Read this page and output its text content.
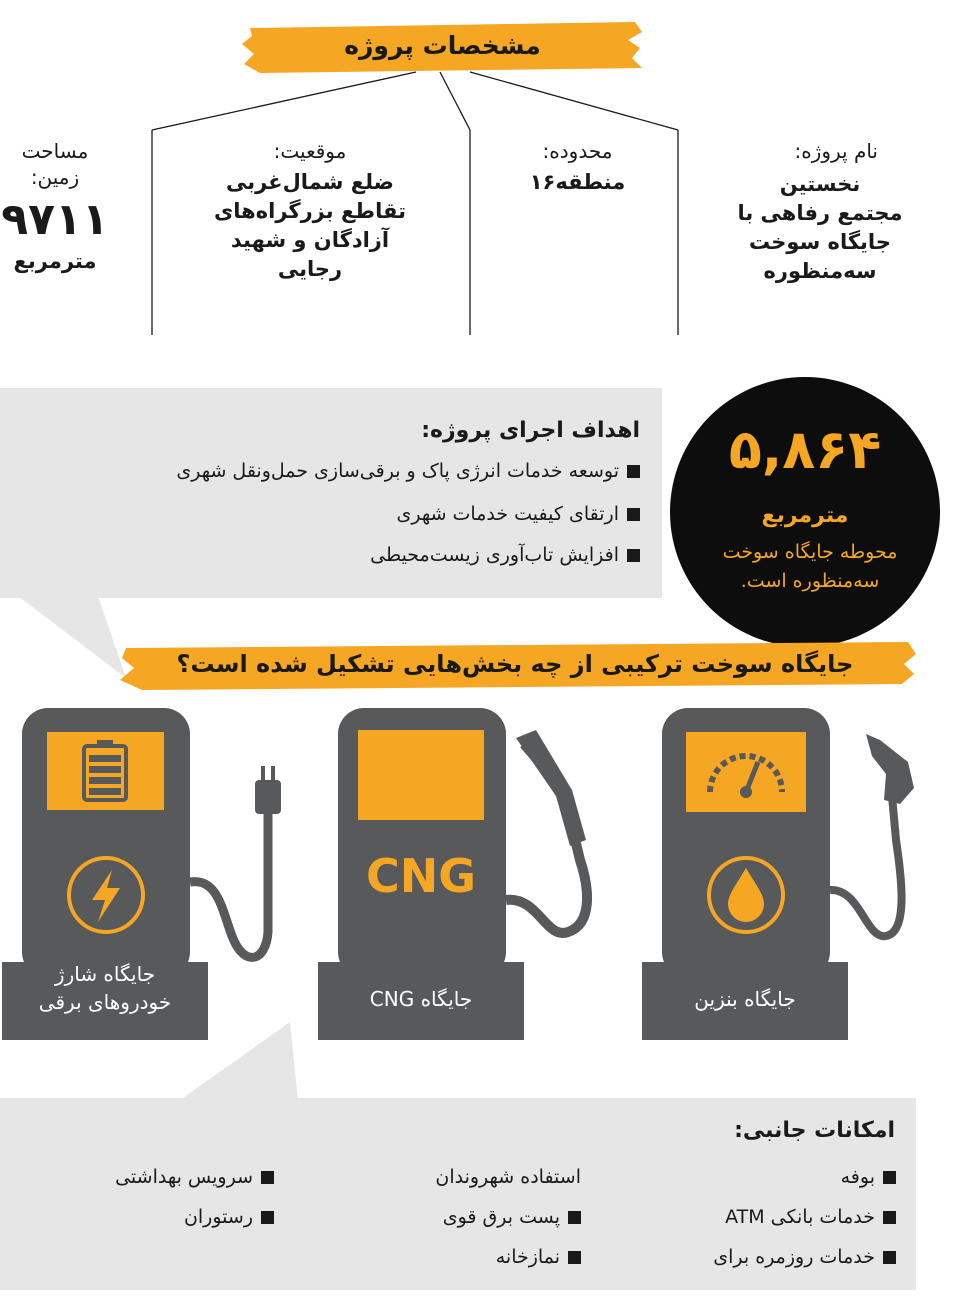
مشخصات پروژه
نام پروژه:
نخستین
مجتمع رفاهی با
جایگاه سوخت
سه‌منظوره
محدوده:
منطقه۱۶
موقعیت:
ضلع شمال‌غربی
تقاطع بزرگراه‌های
آزادگان و شهید
رجایی
مساحت
زمین:
۹۷۱۱
مترمربع
اهداف اجرای پروژه:
توسعه خدمات انرژی پاک و برقی‌سازی حمل‌ونقل شهری
ارتقای کیفیت خدمات شهری
افزایش تاب‌آوری زیست‌محیطی
۵,۸۶۴
مترمربع
محوطه جایگاه سوخت
سه‌منظوره است.
جایگاه سوخت ترکیبی از چه بخش‌هایی تشکیل شده است؟
جایگاه شارژ
خودروهای برقی
CNG
جایگاه CNG	جایگاه بنزین
امکانات جانبی:
بوفه
خدمات بانکی ATM
خدمات روزمره برای
استفاده شهروندان
پست برق قوی
نمازخانه
سرویس بهداشتی
رستوران
